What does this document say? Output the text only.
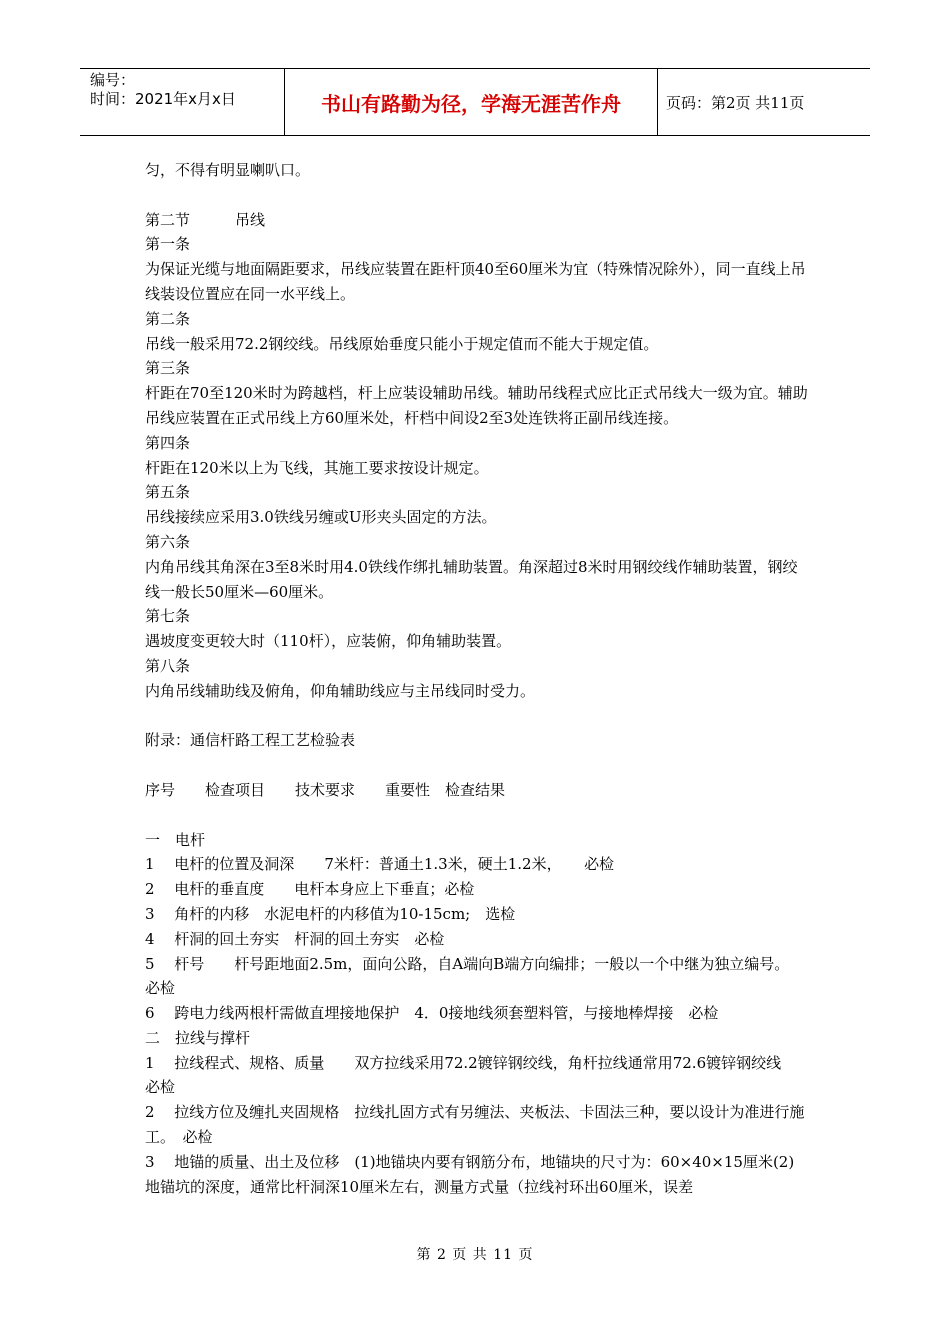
编号：
时间：2021年x月x日	书山有路勤为径，学海无涯苦作舟	页码：第2页 共11页

匀，不得有明显喇叭口。

第二节　　　吊线

第一条

为保证光缆与地面隔距要求，吊线应装置在距杆顶40至60厘米为宜（特殊情况除外），同一直线上吊线装设位置应在同一水平线上。

第二条

吊线一般采用72.2钢绞线。吊线原始垂度只能小于规定值而不能大于规定值。

第三条

杆距在70至120米时为跨越档，杆上应装设辅助吊线。辅助吊线程式应比正式吊线大一级为宜。辅助吊线应装置在正式吊线上方60厘米处，杆档中间设2至3处连铁将正副吊线连接。

第四条

杆距在120米以上为飞线，其施工要求按设计规定。

第五条

吊线接续应采用3.0铁线另缠或U形夹头固定的方法。

第六条

内角吊线其角深在3至8米时用4.0铁线作绑扎辅助装置。角深超过8米时用钢绞线作辅助装置，钢绞线一般长50厘米—60厘米。

第七条

遇坡度变更较大时（110杆），应装俯，仰角辅助装置。

第八条

内角吊线辅助线及俯角，仰角辅助线应与主吊线同时受力。

附录：通信杆路工程工艺检验表

序号　　检查项目　　技术要求　　重要性　检查结果

一　电杆

1　 电杆的位置及洞深　　7米杆：普通土1.3米，硬土1.2米，　　必检

2　 电杆的垂直度　　电杆本身应上下垂直；必检

3　 角杆的内移　水泥电杆的内移值为10-15cm;　选检

4　 杆洞的回土夯实　杆洞的回土夯实　必检

5　 杆号　　杆号距地面2.5m，面向公路，自A端向B端方向编排；一般以一个中继为独立编号。　 必检

6　 跨电力线两根杆需做直埋接地保护　4．0接地线须套塑料管，与接地棒焊接　必检

二　拉线与撑杆

1　 拉线程式、规格、质量　　双方拉线采用72.2镀锌钢绞线，角杆拉线通常用72.6镀锌钢绞线　必检

2　 拉线方位及缠扎夹固规格　拉线扎固方式有另缠法、夹板法、卡固法三种，要以设计为准进行施工。　必检

3　 地锚的质量、出土及位移　(1)地锚块内要有钢筋分布，地锚块的尺寸为：60×40×15厘米(2)地锚坑的深度，通常比杆洞深10厘米左右，测量方式量（拉线衬环出60厘米，误差

第 2 页 共 11 页
